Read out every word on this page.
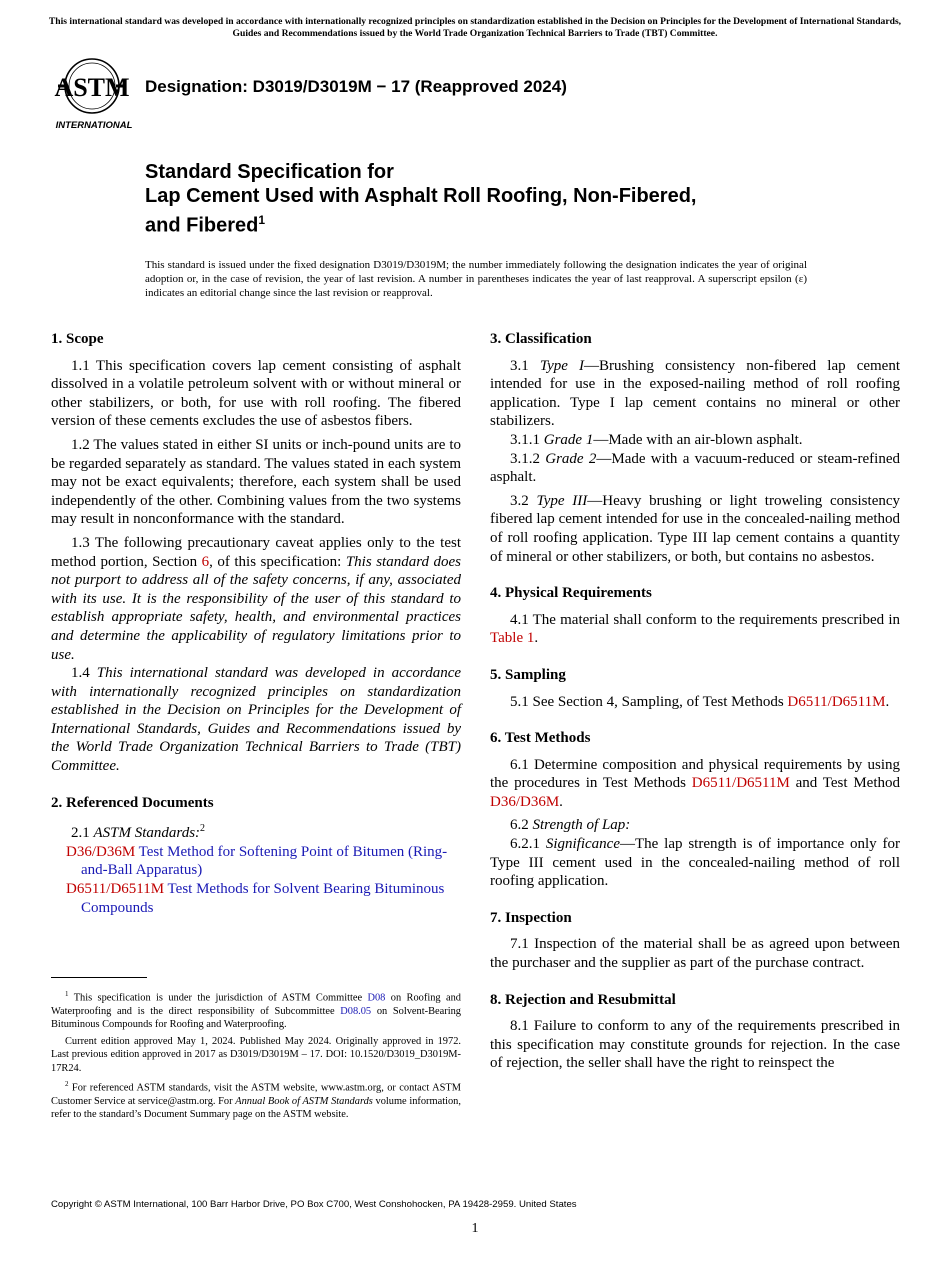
This international standard was developed in accordance with internationally recognized principles on standardization established in the Decision on Principles for the Development of International Standards, Guides and Recommendations issued by the World Trade Organization Technical Barriers to Trade (TBT) Committee.
ASTM
INTERNATIONAL
Designation: D3019/D3019M − 17 (Reapproved 2024)
Standard Specification for
Lap Cement Used with Asphalt Roll Roofing, Non-Fibered,
and Fibered$^1$
This standard is issued under the fixed designation D3019/D3019M; the number immediately following the designation indicates the year of original adoption or, in the case of revision, the year of last revision. A number in parentheses indicates the year of last reapproval. A superscript epsilon (ε) indicates an editorial change since the last revision or reapproval.
1. Scope

1.1 This specification covers lap cement consisting of asphalt dissolved in a volatile petroleum solvent with or without mineral or other stabilizers, or both, for use with roll roofing. The fibered version of these cements excludes the use of asbestos fibers.

1.2 The values stated in either SI units or inch-pound units are to be regarded separately as standard. The values stated in each system may not be exact equivalents; therefore, each system shall be used independently of the other. Combining values from the two systems may result in nonconformance with the standard.

1.3 The following precautionary caveat applies only to the test method portion, Section 6, of this specification: This standard does not purport to address all of the safety concerns, if any, associated with its use. It is the responsibility of the user of this standard to establish appropriate safety, health, and environmental practices and determine the applicability of regulatory limitations prior to use.

1.4 This international standard was developed in accordance with internationally recognized principles on standardization established in the Decision on Principles for the Development of International Standards, Guides and Recommendations issued by the World Trade Organization Technical Barriers to Trade (TBT) Committee.

2. Referenced Documents

2.1 ASTM Standards:$^2$

D36/D36M Test Method for Softening Point of Bitumen (Ring-and-Ball Apparatus)
D6511/D6511M Test Methods for Solvent Bearing Bituminous Compounds

$^1$ This specification is under the jurisdiction of ASTM Committee D08 on Roofing and Waterproofing and is the direct responsibility of Subcommittee D08.05 on Solvent-Bearing Bituminous Compounds for Roofing and Waterproofing.

Current edition approved May 1, 2024. Published May 2024. Originally approved in 1972. Last previous edition approved in 2017 as D3019/D3019M – 17. DOI: 10.1520/D3019_D3019M-17R24.

$^2$ For referenced ASTM standards, visit the ASTM website, www.astm.org, or contact ASTM Customer Service at service@astm.org. For Annual Book of ASTM Standards volume information, refer to the standard’s Document Summary page on the ASTM website.

3. Classification

3.1 Type I—Brushing consistency non-fibered lap cement intended for use in the exposed-nailing method of roll roofing application. Type I lap cement contains no mineral or other stabilizers.

3.1.1 Grade 1—Made with an air-blown asphalt.

3.1.2 Grade 2—Made with a vacuum-reduced or steam-refined asphalt.

3.2 Type III—Heavy brushing or light troweling consistency fibered lap cement intended for use in the concealed-nailing method of roll roofing application. Type III lap cement contains a quantity of mineral or other stabilizers, or both, but contains no asbestos.

4. Physical Requirements

4.1 The material shall conform to the requirements prescribed in Table 1.

5. Sampling

5.1 See Section 4, Sampling, of Test Methods D6511/D6511M.

6. Test Methods

6.1 Determine composition and physical requirements by using the procedures in Test Methods D6511/D6511M and Test Method D36/D36M.

6.2 Strength of Lap:

6.2.1 Significance—The lap strength is of importance only for Type III cement used in the concealed-nailing method of roll roofing application.

7. Inspection

7.1 Inspection of the material shall be as agreed upon between the purchaser and the supplier as part of the purchase contract.

8. Rejection and Resubmittal

8.1 Failure to conform to any of the requirements prescribed in this specification may constitute grounds for rejection. In the case of rejection, the seller shall have the right to reinspect the

Copyright © ASTM International, 100 Barr Harbor Drive, PO Box C700, West Conshohocken, PA 19428-2959. United States
1
